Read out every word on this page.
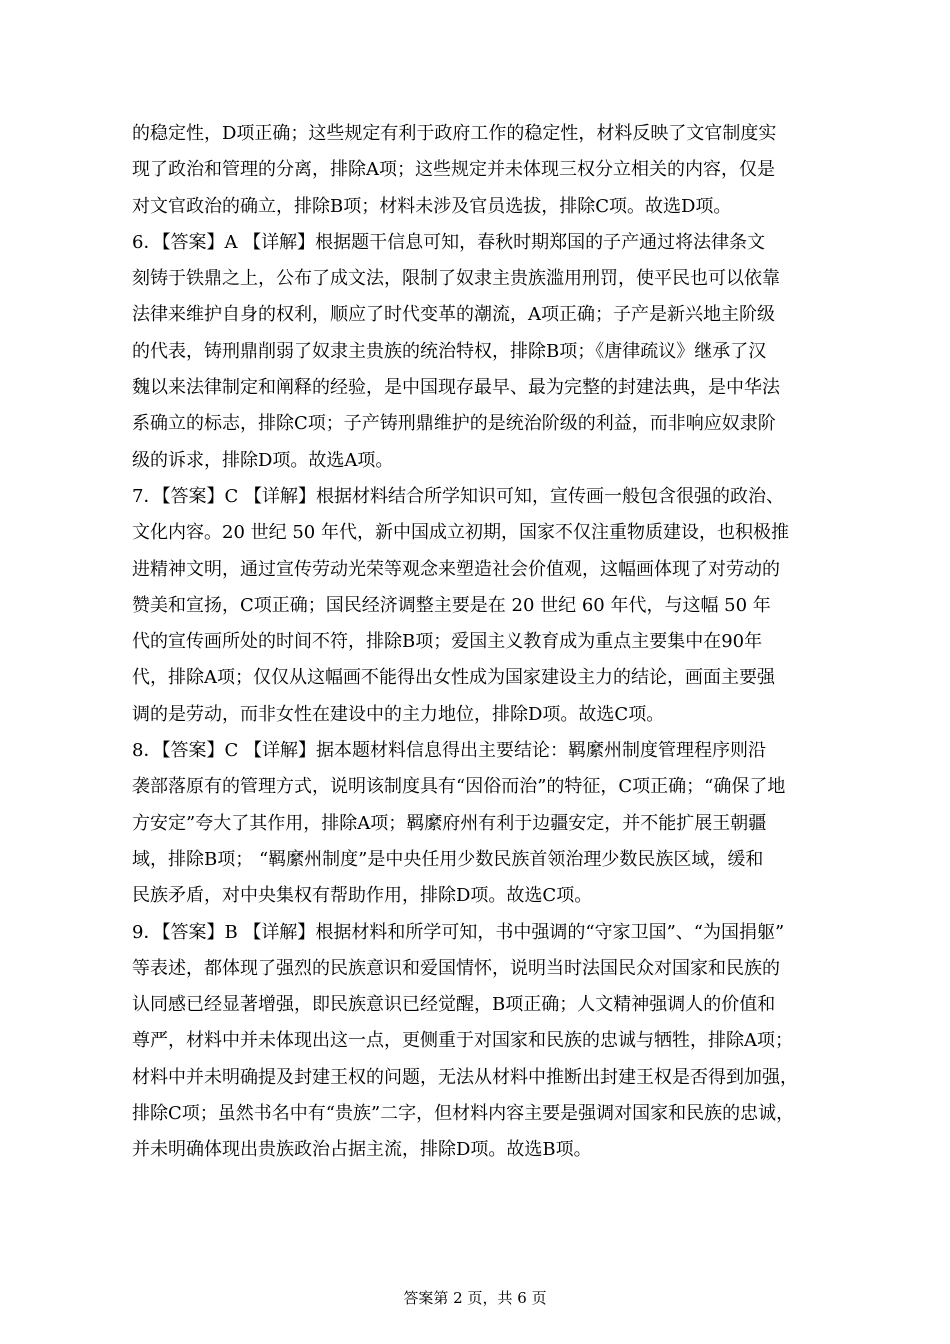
的稳定性，D项正确；这些规定有利于政府工作的稳定性，材料反映了文官制度实
现了政治和管理的分离，排除A项；这些规定并未体现三权分立相关的内容，仅是
对文官政治的确立，排除B项；材料未涉及官员选拔，排除C项。故选D项。
6．【答案】A 【详解】根据题干信息可知，春秋时期郑国的子产通过将法律条文
刻铸于铁鼎之上，公布了成文法，限制了奴隶主贵族滥用刑罚，使平民也可以依靠
法律来维护自身的权利，顺应了时代变革的潮流，A项正确；子产是新兴地主阶级
的代表，铸刑鼎削弱了奴隶主贵族的统治特权，排除B项；《唐律疏议》继承了汉
魏以来法律制定和阐释的经验，是中国现存最早、最为完整的封建法典，是中华法
系确立的标志，排除C项；子产铸刑鼎维护的是统治阶级的利益，而非响应奴隶阶
级的诉求，排除D项。故选A项。
7．【答案】C 【详解】根据材料结合所学知识可知，宣传画一般包含很强的政治、
文化内容。20 世纪 50 年代，新中国成立初期，国家不仅注重物质建设，也积极推
进精神文明，通过宣传劳动光荣等观念来塑造社会价值观，这幅画体现了对劳动的
赞美和宣扬，C项正确；国民经济调整主要是在 20 世纪 60 年代，与这幅 50 年
代的宣传画所处的时间不符，排除B项；爱国主义教育成为重点主要集中在90年
代，排除A项；仅仅从这幅画不能得出女性成为国家建设主力的结论，画面主要强
调的是劳动，而非女性在建设中的主力地位，排除D项。故选C项。
8．【答案】C 【详解】据本题材料信息得出主要结论：羁縻州制度管理程序则沿
袭部落原有的管理方式，说明该制度具有“因俗而治”的特征，C项正确；“确保了地
方安定”夸大了其作用，排除A项；羁縻府州有利于边疆安定，并不能扩展王朝疆
域，排除B项； “羁縻州制度”是中央任用少数民族首领治理少数民族区域，缓和
民族矛盾，对中央集权有帮助作用，排除D项。故选C项。
9．【答案】B 【详解】根据材料和所学可知，书中强调的“守家卫国”、“为国捐躯”
等表述，都体现了强烈的民族意识和爱国情怀，说明当时法国民众对国家和民族的
认同感已经显著增强，即民族意识已经觉醒，B项正确；人文精神强调人的价值和
尊严，材料中并未体现出这一点，更侧重于对国家和民族的忠诚与牺牲，排除A项；
材料中并未明确提及封建王权的问题，无法从材料中推断出封建王权是否得到加强，
排除C项；虽然书名中有“贵族”二字，但材料内容主要是强调对国家和民族的忠诚，
并未明确体现出贵族政治占据主流，排除D项。故选B项。
答案第 2 页，共 6 页
